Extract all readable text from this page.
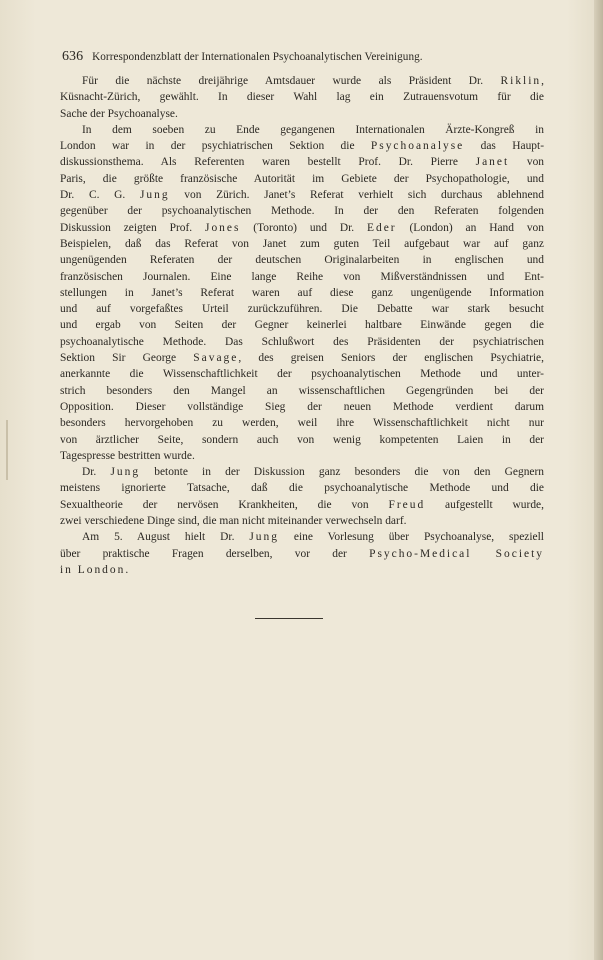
636 Korrespondenzblatt der Internationalen Psychoanalytischen Vereinigung.
Für die nächste dreijährige Amtsdauer wurde als Präsident Dr. Riklin,
Küsnacht-Zürich, gewählt. In dieser Wahl lag ein Zutrauensvotum für die
Sache der Psychoanalyse.
In dem soeben zu Ende gegangenen Internationalen Ärzte-Kongreß in
London war in der psychiatrischen Sektion die Psychoanalyse das Haupt-
diskussionsthema. Als Referenten waren bestellt Prof. Dr. Pierre Janet von
Paris, die größte französische Autorität im Gebiete der Psychopathologie, und
Dr. C. G. Jung von Zürich. Janet’s Referat verhielt sich durchaus ablehnend
gegenüber der psychoanalytischen Methode. In der den Referaten folgenden
Diskussion zeigten Prof. Jones (Toronto) und Dr. Eder (London) an Hand von
Beispielen, daß das Referat von Janet zum guten Teil aufgebaut war auf ganz
ungenügenden Referaten der deutschen Originalarbeiten in englischen und
französischen Journalen. Eine lange Reihe von Mißverständnissen und Ent-
stellungen in Janet’s Referat waren auf diese ganz ungenügende Information
und auf vorgefaßtes Urteil zurückzuführen. Die Debatte war stark besucht
und ergab von Seiten der Gegner keinerlei haltbare Einwände gegen die
psychoanalytische Methode. Das Schlußwort des Präsidenten der psychiatrischen
Sektion Sir George Savage, des greisen Seniors der englischen Psychiatrie,
anerkannte die Wissenschaftlichkeit der psychoanalytischen Methode und unter-
strich besonders den Mangel an wissenschaftlichen Gegengründen bei der
Opposition. Dieser vollständige Sieg der neuen Methode verdient darum
besonders hervorgehoben zu werden, weil ihre Wissenschaftlichkeit nicht nur
von ärztlicher Seite, sondern auch von wenig kompetenten Laien in der
Tagespresse bestritten wurde.
Dr. Jung betonte in der Diskussion ganz besonders die von den Gegnern
meistens ignorierte Tatsache, daß die psychoanalytische Methode und die
Sexualtheorie der nervösen Krankheiten, die von Freud aufgestellt wurde,
zwei verschiedene Dinge sind, die man nicht miteinander verwechseln darf.
Am 5. August hielt Dr. Jung eine Vorlesung über Psychoanalyse, speziell
über praktische Fragen derselben, vor der Psycho-Medical Society
in London.
